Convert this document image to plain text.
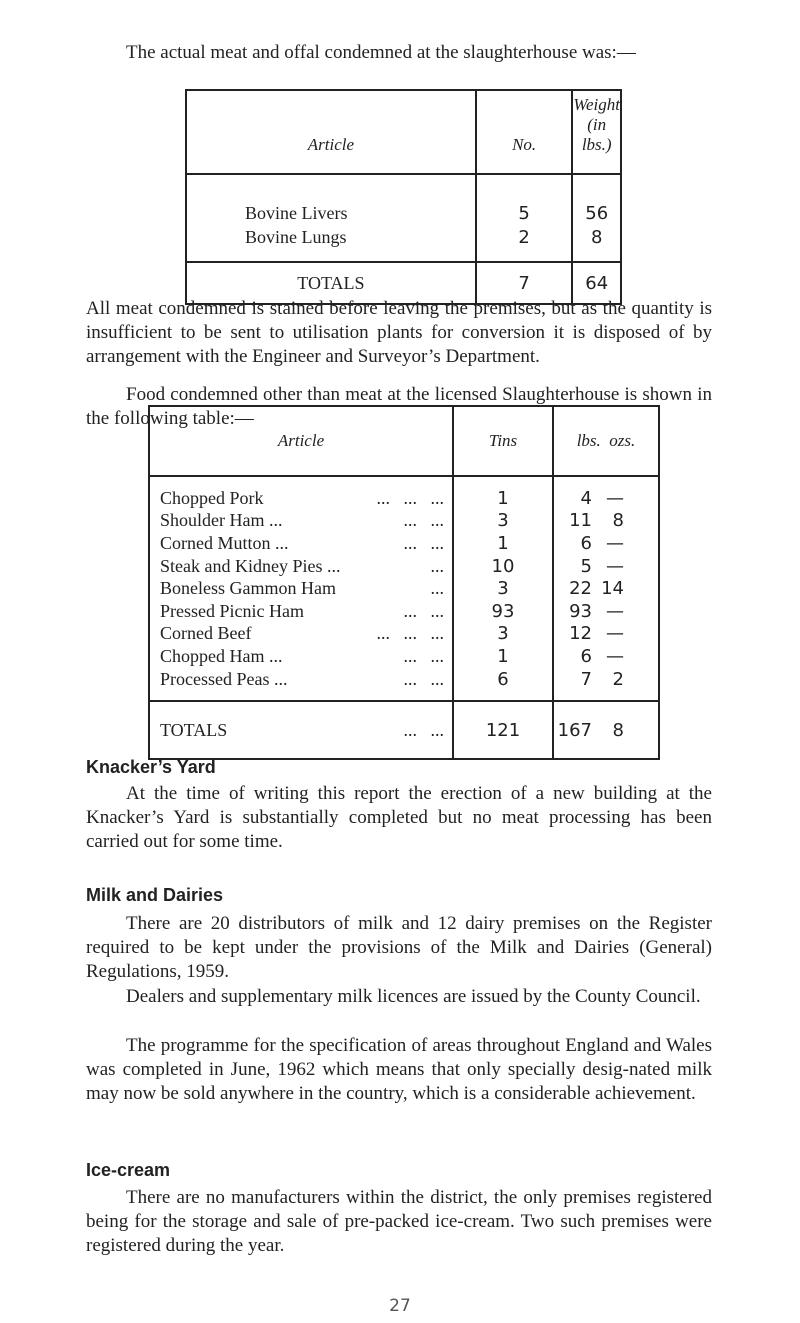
The actual meat and offal condemned at the slaughterhouse was:—

Article	No.	Weight
(in lbs.)
Bovine Livers	5	56
Bovine Lungs	2	8
TOTALS	7	64

All meat condemned is stained before leaving the premises, but as the quantity is insufficient to be sent to utilisation plants for conversion it is disposed of by arrangement with the Engineer and Surveyor’s Department.

Food condemned other than meat at the licensed Slaughterhouse is shown in the following table:—

Article	Tins	lbs.  ozs.
Chopped Pork ...   ...   ...	1	4 —
Shoulder Ham ... ...   ...	3	11 8
Corned Mutton ... ...   ...	1	6 —
Steak and Kidney Pies ... ...	10	5 —
Boneless Gammon Ham ...	3	22 14
Pressed Picnic Ham ...   ...	93	93 —
Corned Beef ...   ...   ...	3	12 —
Chopped Ham ... ...   ...	1	6 —
Processed Peas ... ...   ...	6	7 2
TOTALS ...   ...	121	167 8

Knacker’s Yard

At the time of writing this report the erection of a new building at the Knacker’s Yard is substantially completed but no meat processing has been carried out for some time.

Milk and Dairies

There are 20 distributors of milk and 12 dairy premises on the Register required to be kept under the provisions of the Milk and Dairies (General) Regulations, 1959.

Dealers and supplementary milk licences are issued by the County Council.

The programme for the specification of areas throughout England and Wales was completed in June, 1962 which means that only specially desig-nated milk may now be sold anywhere in the country, which is a considerable achievement.

Ice-cream

There are no manufacturers within the district, the only premises registered being for the storage and sale of pre-packed ice-cream. Two such premises were registered during the year.

27
